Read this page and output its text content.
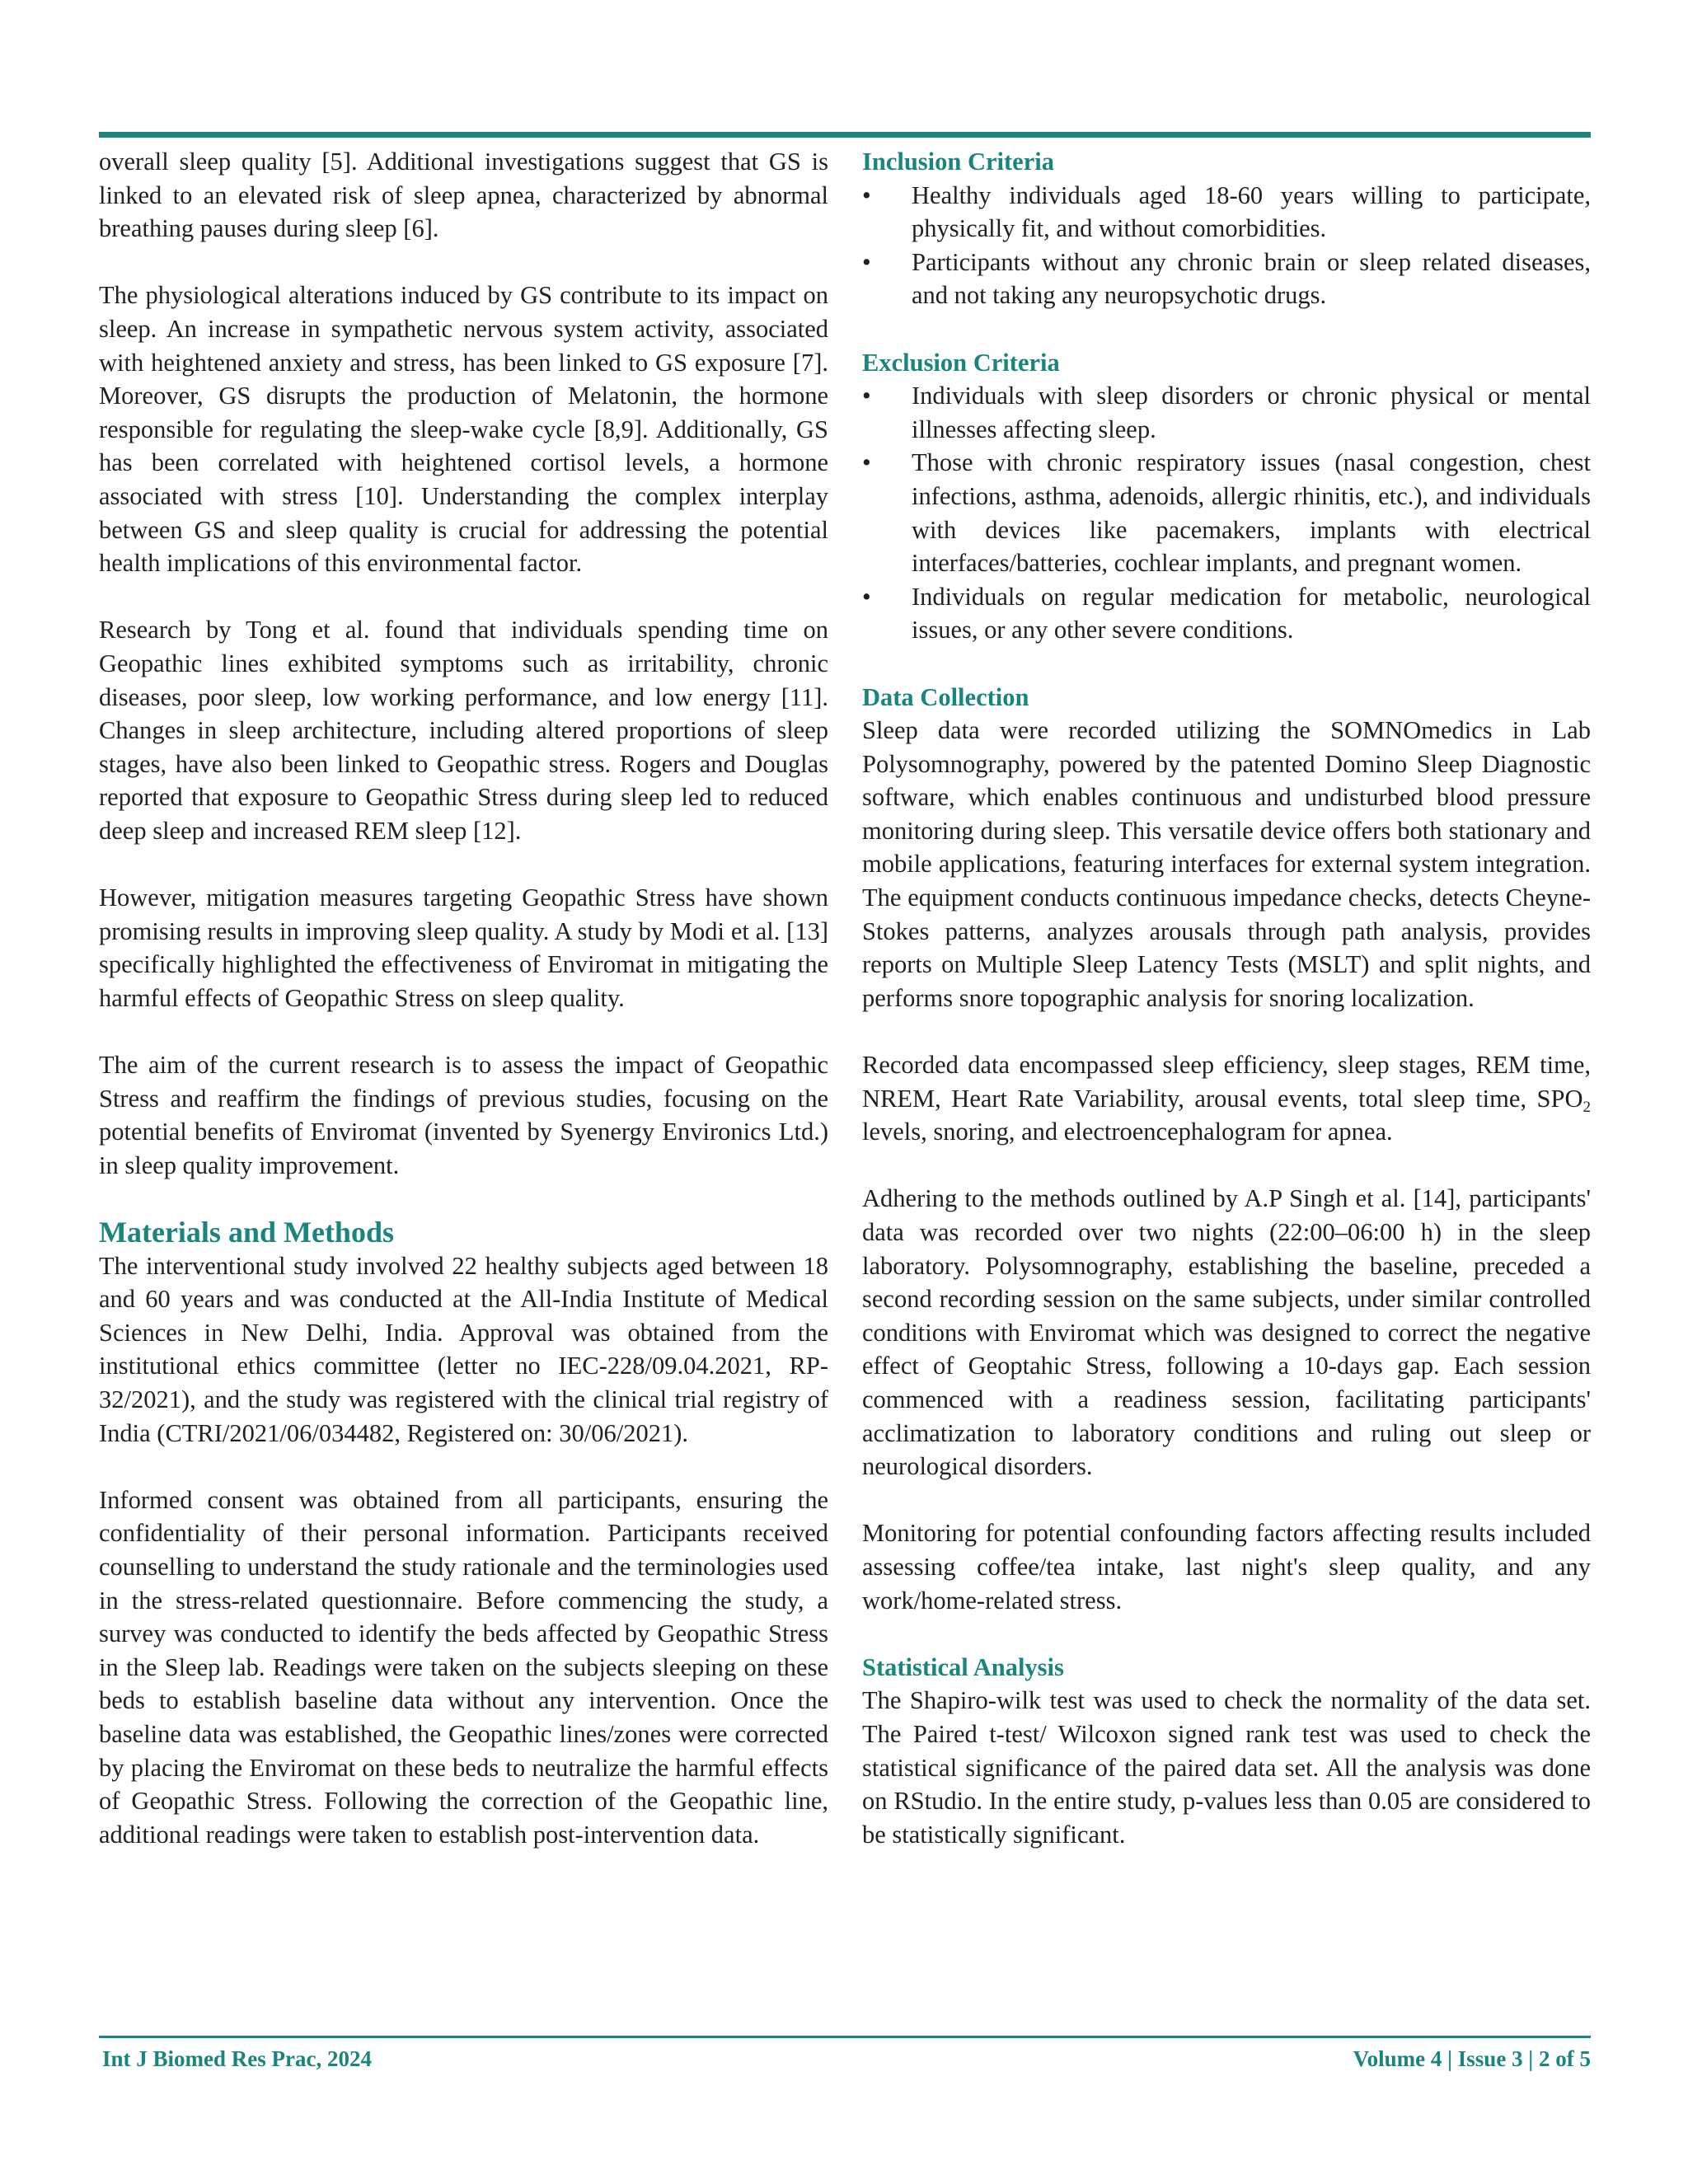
overall sleep quality [5]. Additional investigations suggest that GS is linked to an elevated risk of sleep apnea, characterized by abnormal breathing pauses during sleep [6].

The physiological alterations induced by GS contribute to its impact on sleep. An increase in sympathetic nervous system activity, associated with heightened anxiety and stress, has been linked to GS exposure [7]. Moreover, GS disrupts the production of Melatonin, the hormone responsible for regulating the sleep-wake cycle [8,9]. Additionally, GS has been correlated with heightened cortisol levels, a hormone associated with stress [10]. Understanding the complex interplay between GS and sleep quality is crucial for addressing the potential health implications of this environmental factor.

Research by Tong et al. found that individuals spending time on Geopathic lines exhibited symptoms such as irritability, chronic diseases, poor sleep, low working performance, and low energy [11]. Changes in sleep architecture, including altered proportions of sleep stages, have also been linked to Geopathic stress. Rogers and Douglas reported that exposure to Geopathic Stress during sleep led to reduced deep sleep and increased REM sleep [12].

However, mitigation measures targeting Geopathic Stress have shown promising results in improving sleep quality. A study by Modi et al. [13] specifically highlighted the effectiveness of Enviromat in mitigating the harmful effects of Geopathic Stress on sleep quality.

The aim of the current research is to assess the impact of Geopathic Stress and reaffirm the findings of previous studies, focusing on the potential benefits of Enviromat (invented by Syenergy Environics Ltd.) in sleep quality improvement.

Materials and Methods

The interventional study involved 22 healthy subjects aged between 18 and 60 years and was conducted at the All-India Institute of Medical Sciences in New Delhi, India. Approval was obtained from the institutional ethics committee (letter no IEC-228/09.04.2021, RP-32/2021), and the study was registered with the clinical trial registry of India (CTRI/2021/06/034482, Registered on: 30/06/2021).

Informed consent was obtained from all participants, ensuring the confidentiality of their personal information. Participants received counselling to understand the study rationale and the terminologies used in the stress-related questionnaire. Before commencing the study, a survey was conducted to identify the beds affected by Geopathic Stress in the Sleep lab. Readings were taken on the subjects sleeping on these beds to establish baseline data without any intervention. Once the baseline data was established, the Geopathic lines/zones were corrected by placing the Enviromat on these beds to neutralize the harmful effects of Geopathic Stress. Following the correction of the Geopathic line, additional readings were taken to establish post-intervention data.

Inclusion Criteria
•	Healthy individuals aged 18-60 years willing to participate, physically fit, and without comorbidities.
•	Participants without any chronic brain or sleep related diseases, and not taking any neuropsychotic drugs.
Exclusion Criteria
•	Individuals with sleep disorders or chronic physical or mental illnesses affecting sleep.
•	Those with chronic respiratory issues (nasal congestion, chest infections, asthma, adenoids, allergic rhinitis, etc.), and individuals with devices like pacemakers, implants with electrical interfaces/batteries, cochlear implants, and pregnant women.
•	Individuals on regular medication for metabolic, neurological issues, or any other severe conditions.
Data Collection

Sleep data were recorded utilizing the SOMNOmedics in Lab Polysomnography, powered by the patented Domino Sleep Diagnostic software, which enables continuous and undisturbed blood pressure monitoring during sleep. This versatile device offers both stationary and mobile applications, featuring interfaces for external system integration. The equipment conducts continuous impedance checks, detects Cheyne-Stokes patterns, analyzes arousals through path analysis, provides reports on Multiple Sleep Latency Tests (MSLT) and split nights, and performs snore topographic analysis for snoring localization.

Recorded data encompassed sleep efficiency, sleep stages, REM time, NREM, Heart Rate Variability, arousal events, total sleep time, $SPO_2$ levels, snoring, and electroencephalogram for apnea.

Adhering to the methods outlined by A.P Singh et al. [14], participants' data was recorded over two nights (22:00–06:00 h) in the sleep laboratory. Polysomnography, establishing the baseline, preceded a second recording session on the same subjects, under similar controlled conditions with Enviromat which was designed to correct the negative effect of Geoptahic Stress, following a 10-days gap. Each session commenced with a readiness session, facilitating participants' acclimatization to laboratory conditions and ruling out sleep or neurological disorders.

Monitoring for potential confounding factors affecting results included assessing coffee/tea intake, last night's sleep quality, and any work/home-related stress.

Statistical Analysis

The Shapiro-wilk test was used to check the normality of the data set. The Paired t-test/ Wilcoxon signed rank test was used to check the statistical significance of the paired data set. All the analysis was done on RStudio. In the entire study, p-values less than 0.05 are considered to be statistically significant.

Int J Biomed Res Prac, 2024	Volume 4 | Issue 3 | 2 of 5
